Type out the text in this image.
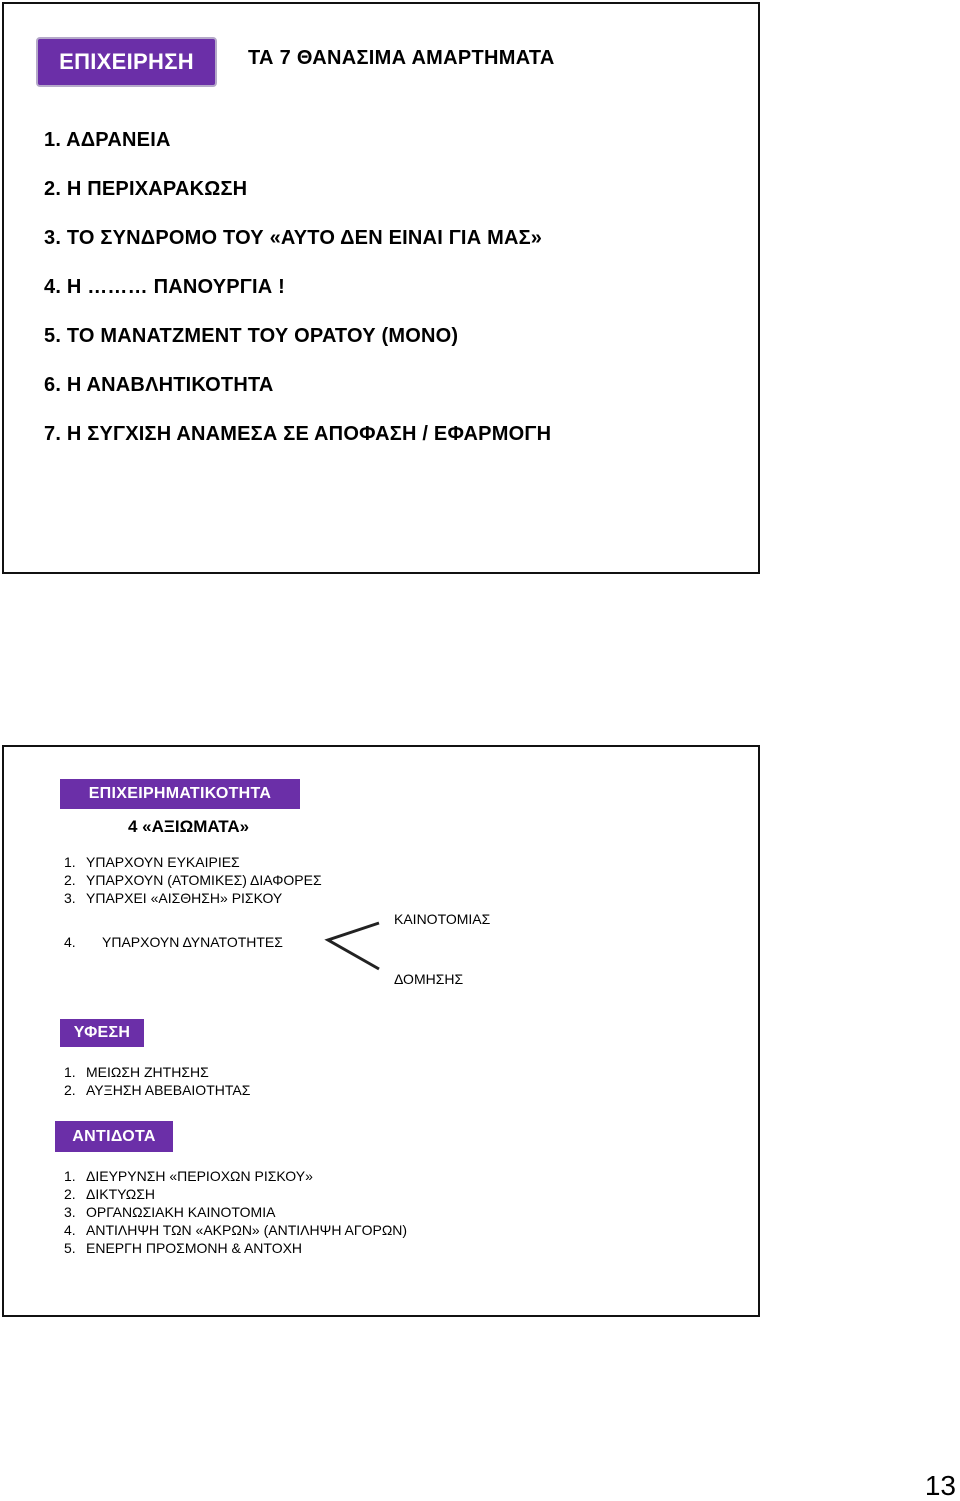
ΕΠΙΧΕΙΡΗΣΗ	ΤΑ 7 ΘΑΝΑΣΙΜΑ ΑΜΑΡΤΗΜΑΤΑ
1. ΑΔΡΑΝΕΙΑ
2. Η ΠΕΡΙΧΑΡΑΚΩΣΗ
3. ΤΟ ΣΥΝΔΡΟΜΟ ΤΟΥ «ΑΥΤΟ ΔΕΝ ΕΙΝΑΙ ΓΙΑ ΜΑΣ»
4. Η ……… ΠΑΝΟΥΡΓΙΑ !
5. ΤΟ ΜΑΝΑΤΖΜΕΝΤ ΤΟΥ ΟΡΑΤΟΥ (ΜΟΝΟ)
6. Η ΑΝΑΒΛΗΤΙΚΟΤΗΤΑ
7. Η ΣΥΓΧΙΣΗ ΑΝΑΜΕΣΑ ΣΕ ΑΠΟΦΑΣΗ / ΕΦΑΡΜΟΓΗ
ΕΠΙΧΕΙΡΗΜΑΤΙΚΟΤΗΤΑ
4 «ΑΞΙΩΜΑΤΑ»
1. ΥΠΑΡΧΟΥΝ ΕΥΚΑΙΡΙΕΣ
2. ΥΠΑΡΧΟΥΝ (ΑΤΟΜΙΚΕΣ) ΔΙΑΦΟΡΕΣ
3. ΥΠΑΡΧΕΙ «ΑΙΣΘΗΣΗ» ΡΙΣΚΟΥ
4. ΥΠΑΡΧΟΥΝ ΔΥΝΑΤΟΤΗΤΕΣ
ΚΑΙΝΟΤΟΜΙΑΣ
ΔΟΜΗΣΗΣ
ΥΦΕΣΗ
1. ΜΕΙΩΣΗ ΖΗΤΗΣΗΣ
2. ΑΥΞΗΣΗ ΑΒΕΒΑΙΟΤΗΤΑΣ
ΑΝΤΙΔΟΤΑ
1. ΔΙΕΥΡΥΝΣΗ «ΠΕΡΙΟΧΩΝ ΡΙΣΚΟΥ»
2. ΔΙΚΤΥΩΣΗ
3. ΟΡΓΑΝΩΣΙΑΚΗ ΚΑΙΝΟΤΟΜΙΑ
4. ΑΝΤΙΛΗΨΗ ΤΩΝ «ΑΚΡΩΝ» (ΑΝΤΙΛΗΨΗ ΑΓΟΡΩΝ)
5. ΕΝΕΡΓΗ ΠΡΟΣΜΟΝΗ & ΑΝΤΟΧΗ
13
